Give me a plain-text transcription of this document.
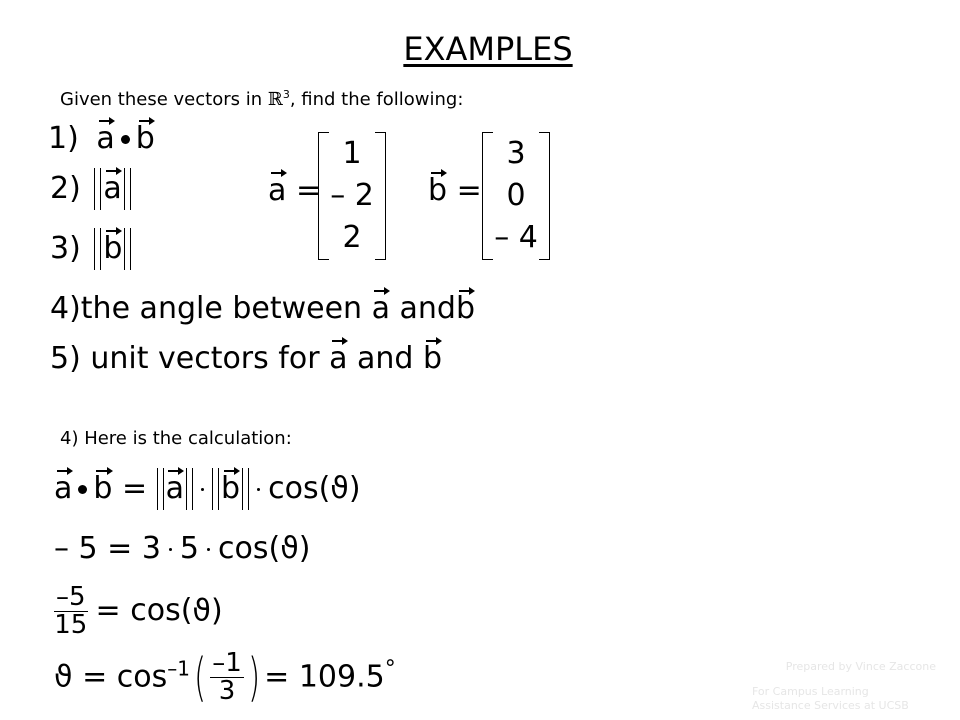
EXAMPLES
Given these vectors in ℝ$^3$, find the following:
1) a b
2) a
3) b
a =
1
– 2
2
b =
3
0
– 4
4)the angle between a
andb
5) unit vectors for a
and b
4) Here is the calculation:
a b
= a b cos(ϑ)
– 5 = 3 5 cos(ϑ)
$\frac{-5}{15} = \cos(ϑ)$
$ϑ = \cos^{-1}( \frac{-1}{3}$ ) = 109.5°	Prepared by Vince Zaccone
For Campus Learning
Assistance Services at UCSB
